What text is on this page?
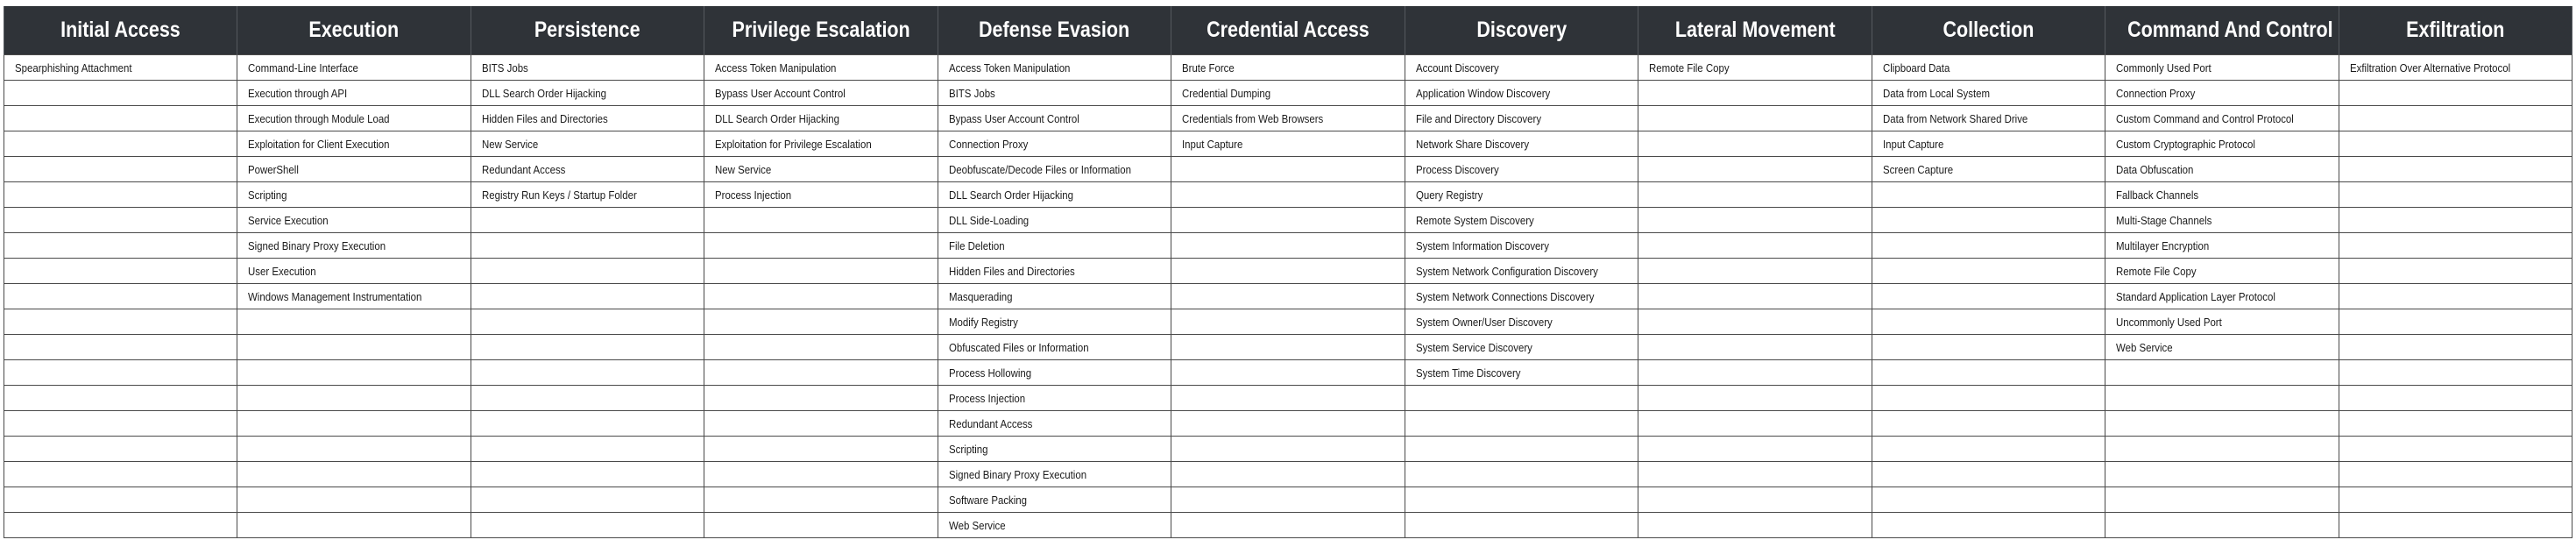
Initial Access	Execution	Persistence	Privilege Escalation	Defense Evasion	Credential Access	Discovery	Lateral Movement	Collection	Command And Control	Exfiltration
Spearphishing Attachment	Command-Line Interface	BITS Jobs	Access Token Manipulation	Access Token Manipulation	Brute Force	Account Discovery	Remote File Copy	Clipboard Data	Commonly Used Port	Exfiltration Over Alternative Protocol
	Execution through API	DLL Search Order Hijacking	Bypass User Account Control	BITS Jobs	Credential Dumping	Application Window Discovery		Data from Local System	Connection Proxy	
	Execution through Module Load	Hidden Files and Directories	DLL Search Order Hijacking	Bypass User Account Control	Credentials from Web Browsers	File and Directory Discovery		Data from Network Shared Drive	Custom Command and Control Protocol	
	Exploitation for Client Execution	New Service	Exploitation for Privilege Escalation	Connection Proxy	Input Capture	Network Share Discovery		Input Capture	Custom Cryptographic Protocol	
	PowerShell	Redundant Access	New Service	Deobfuscate/Decode Files or Information		Process Discovery		Screen Capture	Data Obfuscation	
	Scripting	Registry Run Keys / Startup Folder	Process Injection	DLL Search Order Hijacking		Query Registry			Fallback Channels	
	Service Execution			DLL Side-Loading		Remote System Discovery			Multi-Stage Channels	
	Signed Binary Proxy Execution			File Deletion		System Information Discovery			Multilayer Encryption	
	User Execution			Hidden Files and Directories		System Network Configuration Discovery			Remote File Copy	
	Windows Management Instrumentation			Masquerading		System Network Connections Discovery			Standard Application Layer Protocol	
				Modify Registry		System Owner/User Discovery			Uncommonly Used Port	
				Obfuscated Files or Information		System Service Discovery			Web Service	
				Process Hollowing		System Time Discovery				
				Process Injection						
				Redundant Access						
				Scripting						
				Signed Binary Proxy Execution						
				Software Packing						
				Web Service						
